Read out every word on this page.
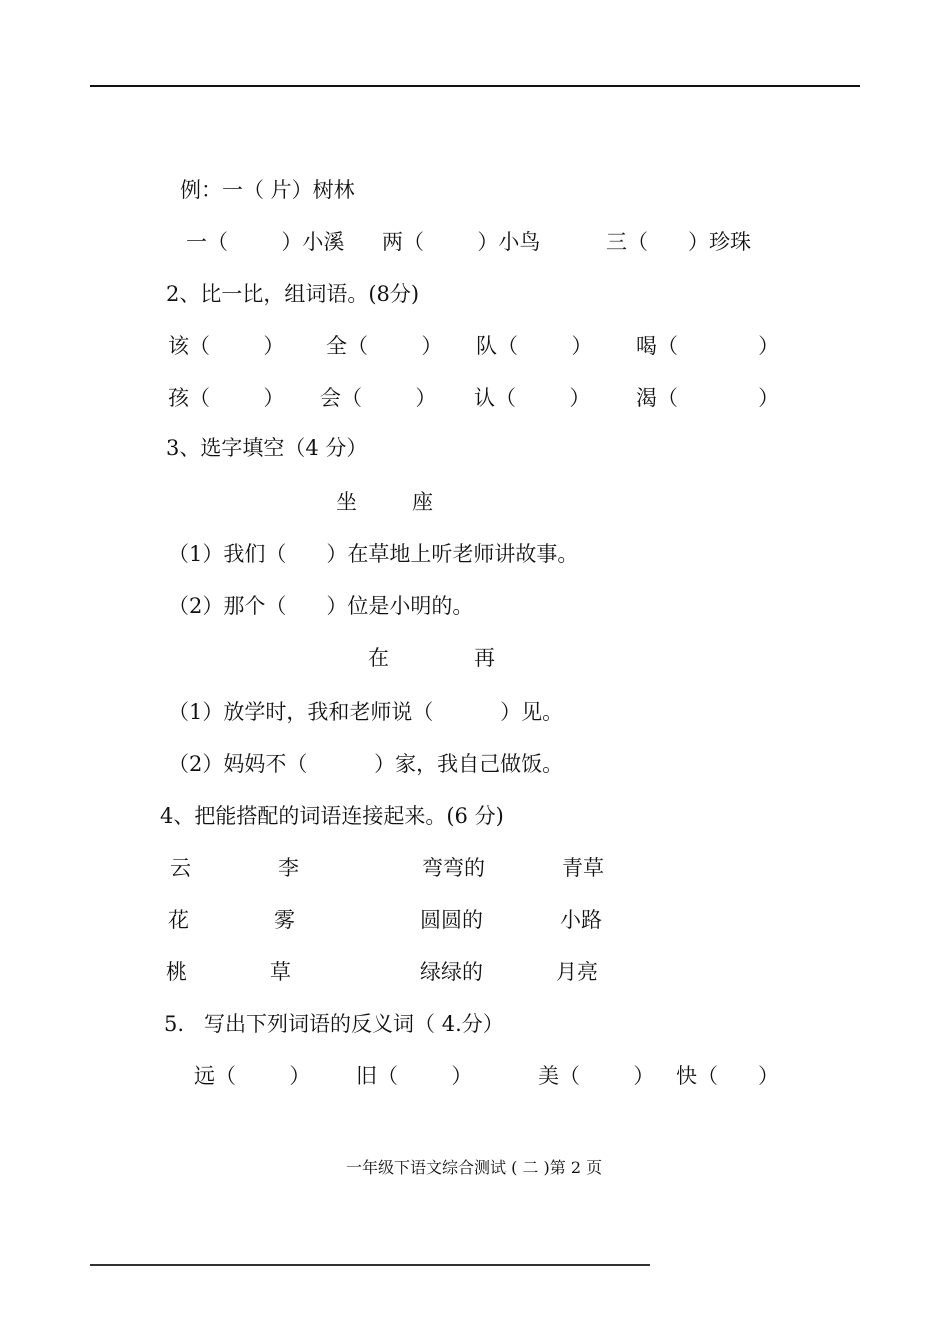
例：一（ 片）树林
一（        ）小溪 两（        ）小鸟	三（      ）珍珠
2、比一比，组词语。(8分)
该（        ） 全（        ） 队（        ） 喝（            ）
孩（        ） 会（        ） 认（        ） 渴（            ）
3、选字填空（4 分）
坐	座
（1）我们（      ）在草地上听老师讲故事。
（2）那个（      ）位是小明的。
在	再
（1）放学时，我和老师说（          ）见。
（2）妈妈不（          ）家，我自己做饭。
4、把能搭配的词语连接起来。(6 分)
云	李	弯弯的	青草
花	雾	圆圆的	小路
桃	草	绿绿的	月亮
5.   写出下列词语的反义词（ 4.分）
远（        ） 旧（        ）	美（        ） 快（      ）
一年级下语文综合测试 ( 二 )第 2 页
